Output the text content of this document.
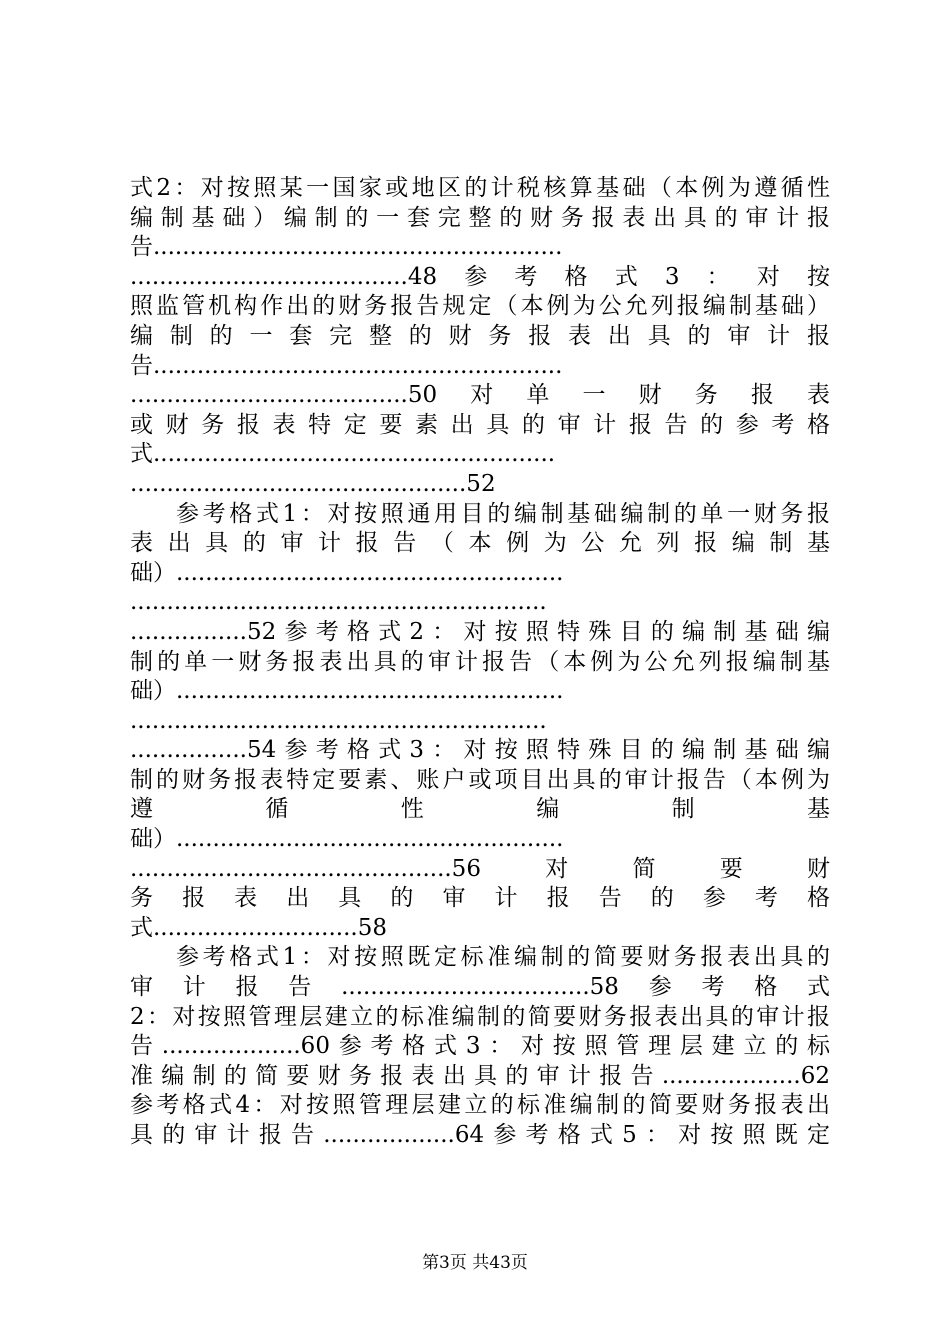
式2：对按照某一国家或地区的计税核算基础（本例为遵循性
编制基础）编制的一套完整的财务报表出具的审计报
告........................................................
......................................48参考格式3：对按
照监管机构作出的财务报告规定（本例为公允列报编制基础）
编制的一套完整的财务报表出具的审计报
告........................................................
......................................50对单一财务报表
或财务报表特定要素出具的审计报告的参考格
式.......................................................
..............................................52
参考格式1：对按照通用目的编制基础编制的单一财务报
表出具的审计报告（本例为公允列报编制基
础）.....................................................
.........................................................
................52参考格式2：对按照特殊目的编制基础编
制的单一财务报表出具的审计报告（本例为公允列报编制基
础）.....................................................
.........................................................
................54参考格式3：对按照特殊目的编制基础编
制的财务报表特定要素、账户或项目出具的审计报告（本例为
遵 循 性 编 制 基
础）.....................................................
............................................56对简要财
务 报 表 出 具 的 审 计 报 告 的 参 考 格
式............................58
参考格式1：对按照既定标准编制的简要财务报表出具的
审计报告..................................58参考格式
2：对按照管理层建立的标准编制的简要财务报表出具的审计报
告...................60参考格式3：对按照管理层建立的标
准编制的简要财务报表出具的审计报告...................62
参考格式4：对按照管理层建立的标准编制的简要财务报表出
具的审计报告..................64参考格式5：对按照既定
第3页 共43页
